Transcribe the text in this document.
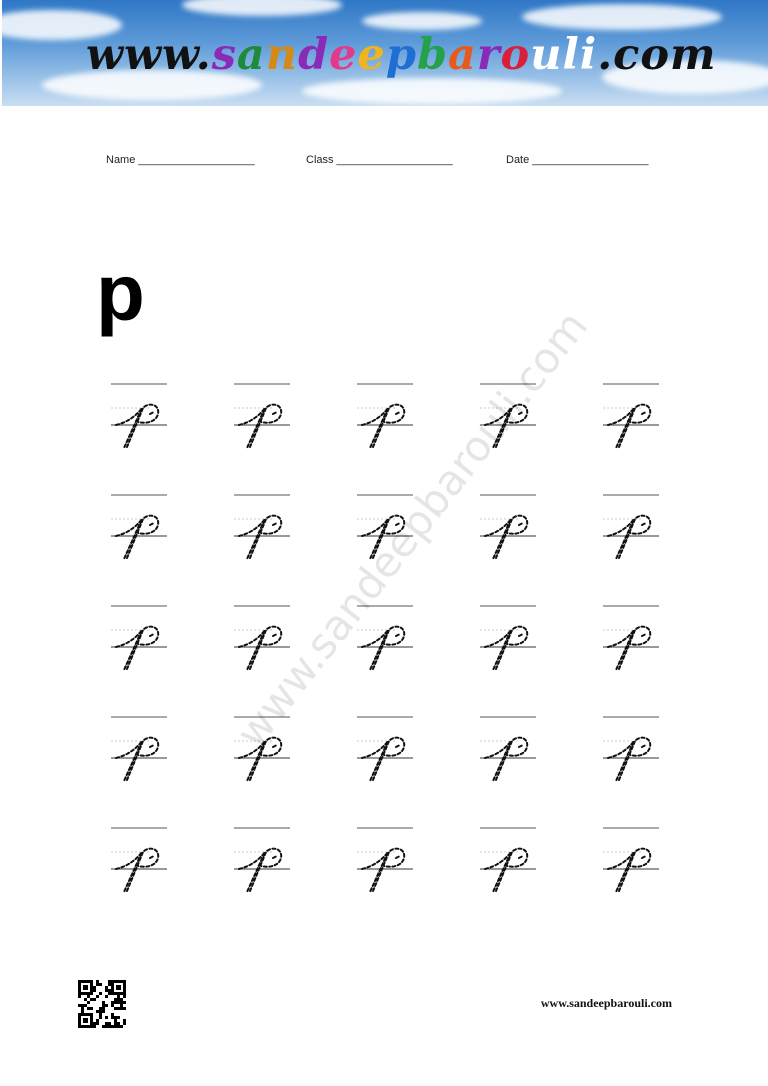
www.sandeepbarouli.com
Name ___________________	Class ___________________	Date ___________________
p
www.sandeepbarouli.com
www.sandeepbarouli.com
